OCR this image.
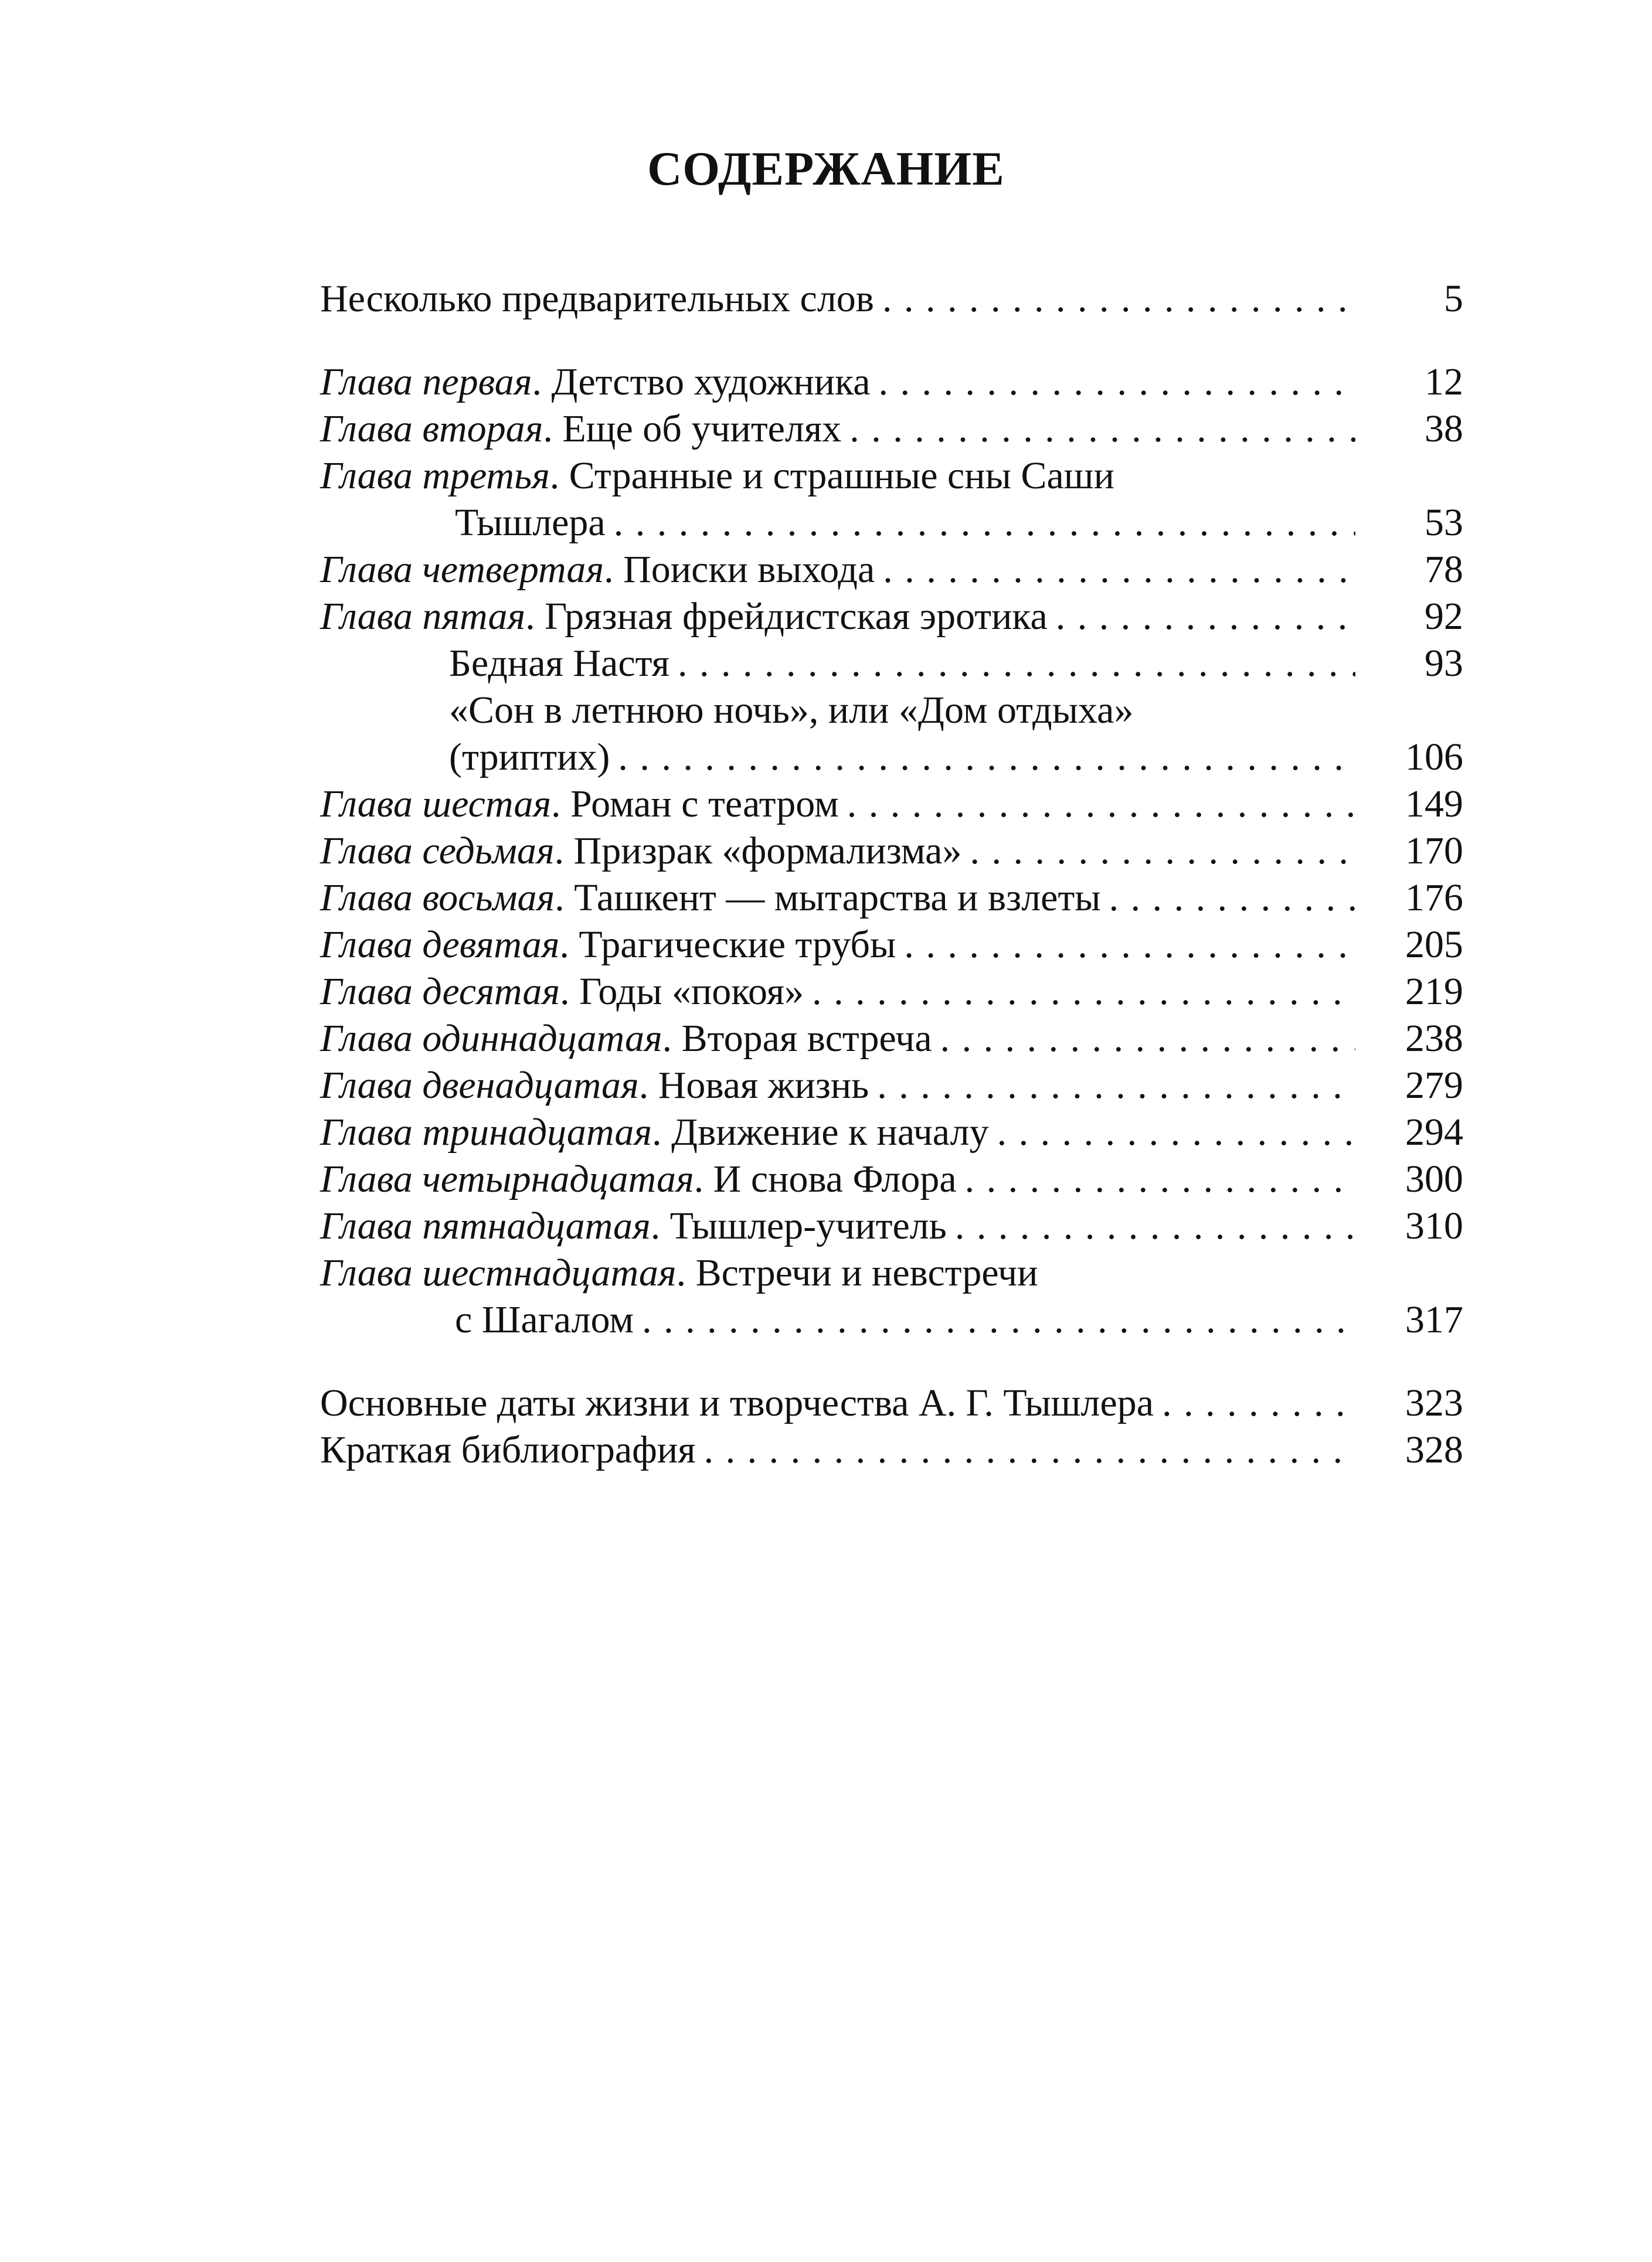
СОДЕРЖАНИЕ
Несколько предварительных слов . . .	5
Глава первая. Детство художника . . .	12
Глава вторая. Еще об учителях . . .	38
Глава третья. Странные и страшные сны Саши
Тышлера . . .	53
Глава четвертая. Поиски выхода . . .	78
Глава пятая. Грязная фрейдистская эротика . . .	92
Бедная Настя . . .	93
«Сон в летнюю ночь», или «Дом отдыха»
(триптих) . . .	106
Глава шестая. Роман с театром . . .	149
Глава седьмая. Призрак «формализма» . . .	170
Глава восьмая. Ташкент — мытарства и взлеты . . .	176
Глава девятая. Трагические трубы . . .	205
Глава десятая. Годы «покоя» . . .	219
Глава одиннадцатая. Вторая встреча . . .	238
Глава двенадцатая. Новая жизнь . . .	279
Глава тринадцатая. Движение к началу . . .	294
Глава четырнадцатая. И снова Флора . . .	300
Глава пятнадцатая. Тышлер-учитель . . .	310
Глава шестнадцатая. Встречи и невстречи
с Шагалом . . .	317
Основные даты жизни и творчества А. Г. Тышлера . . .	323
Краткая библиография . . .	328
